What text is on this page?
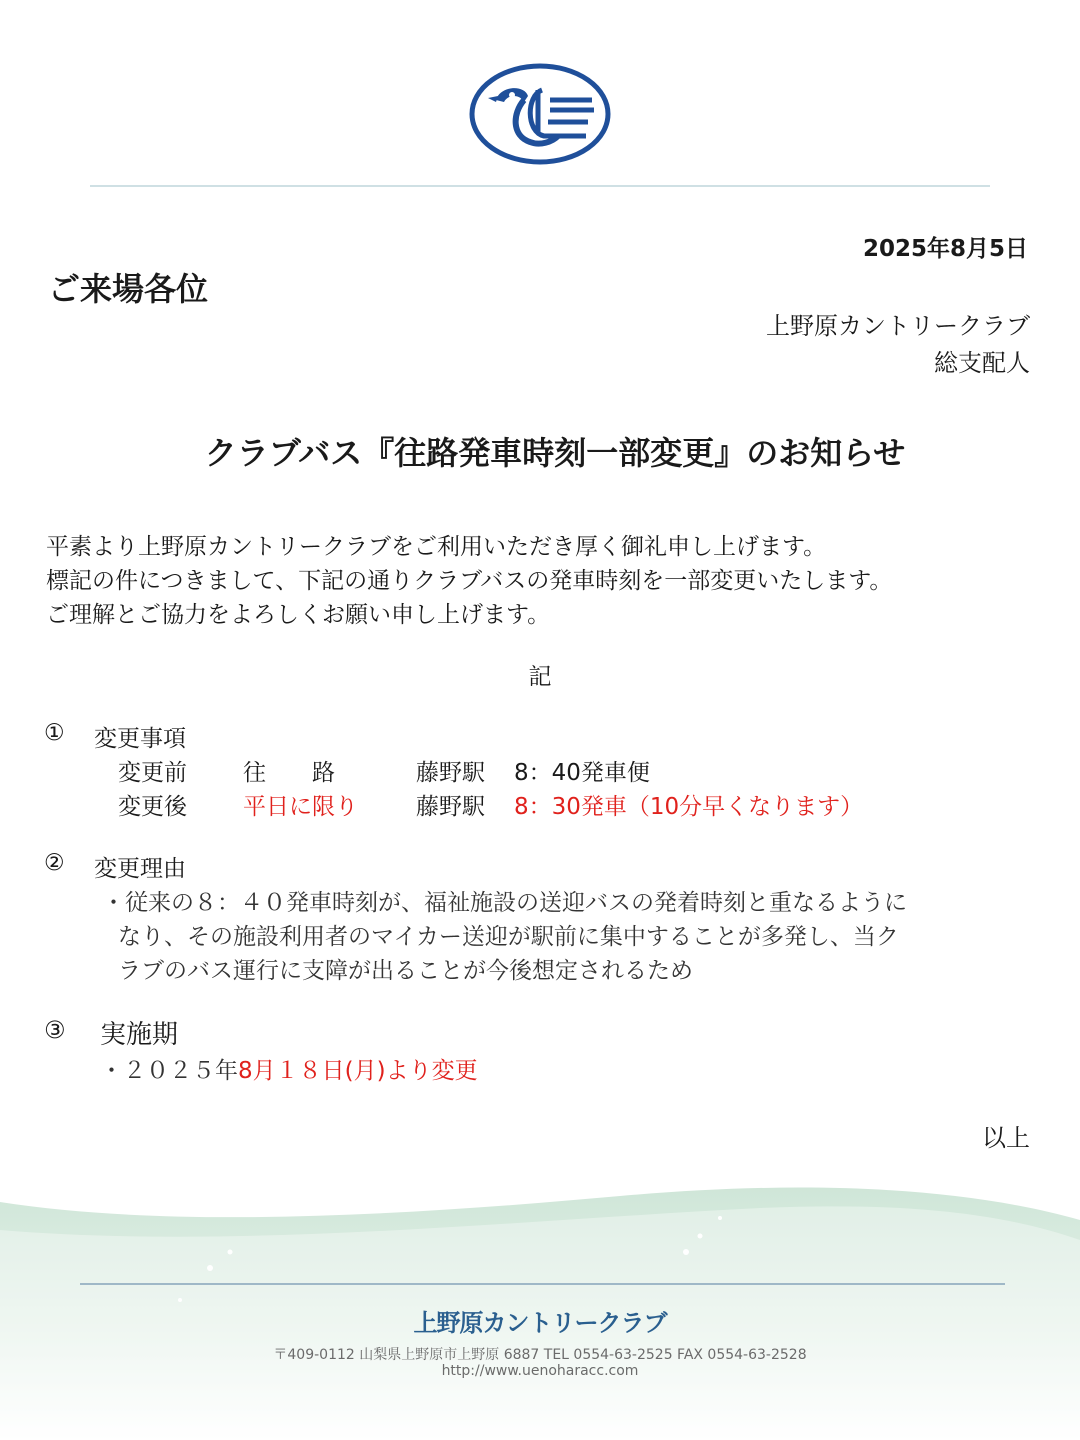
2025年8月5日
ご来場各位
上野原カントリークラブ
総支配人
クラブバス『往路発車時刻一部変更』のお知らせ
平素より上野原カントリークラブをご利用いただき厚く御礼申し上げます。
標記の件につきまして、下記の通りクラブバスの発車時刻を一部変更いたします。
ご理解とご協力をよろしくお願い申し上げます。
記
① 変更事項
変更前 往　　路	藤野駅 8：40発車便
変更後 平日に限り	藤野駅 8：30発車（10分早くなります）
② 変更理由
・従来の８：４０発車時刻が、福祉施設の送迎バスの発着時刻と重なるように
なり、その施設利用者のマイカー送迎が駅前に集中することが多発し、当ク
ラブのバス運行に支障が出ることが今後想定されるため
③ 実施期
・２０２５年8月１８日(月)より変更
以上
上野原カントリークラブ
〒409-0112 山梨県上野原市上野原 6887 TEL 0554-63-2525 FAX 0554-63-2528
http://www.uenoharacc.com
